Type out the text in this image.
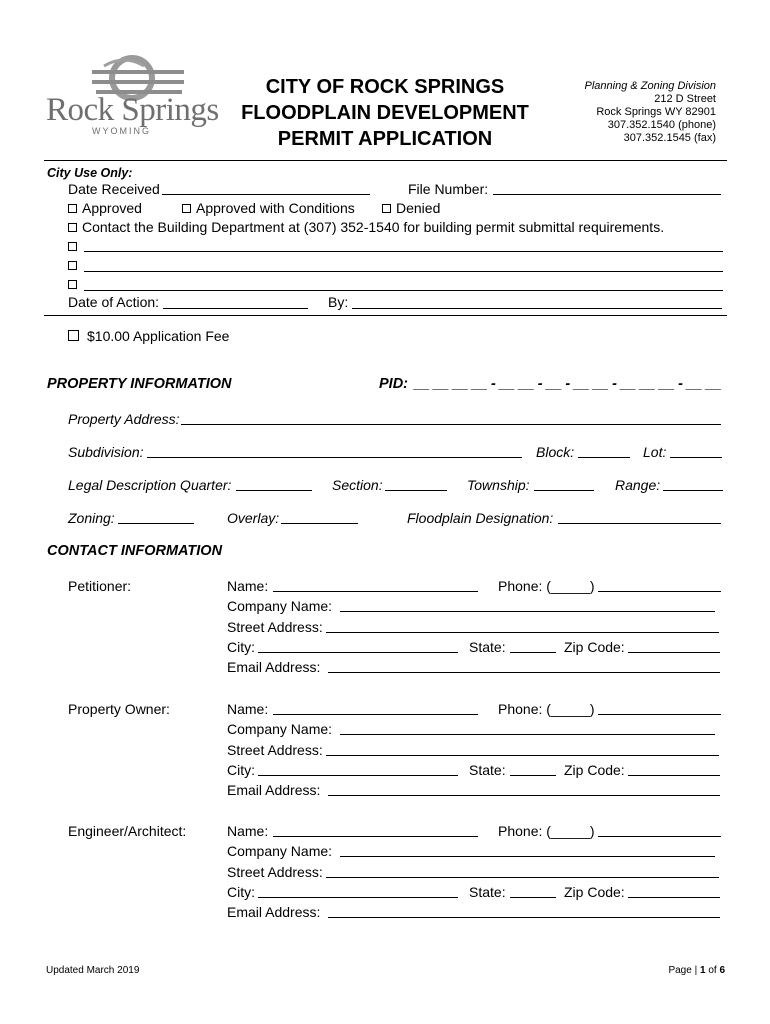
Rock Springs
WYOMING
CITY OF ROCK SPRINGS
FLOODPLAIN DEVELOPMENT
PERMIT APPLICATION
Planning & Zoning Division
212 D Street
Rock Springs WY 82901
307.352.1540 (phone)
307.352.1545 (fax)
City Use Only:
Date Received	File Number:
Approved	Approved with Conditions	Denied
Contact the Building Department at (307) 352-1540 for building permit submittal requirements.
Date of Action:	By:
$10.00 Application Fee
PROPERTY INFORMATION	PID: __ __ __ __ - __ __ - __ - __ __ - __ __ __ - __ __
Property Address:
Subdivision:	Block:	Lot:
Legal Description Quarter:	Section:	Township:	Range:
Zoning:	Overlay:	Floodplain Designation:
CONTACT INFORMATION
Petitioner:	Name:	Phone: (_____)
Company Name:
Street Address:
City:	State:	Zip Code:
Email Address:
Property Owner:	Name:	Phone: (_____)
Company Name:
Street Address:
City:	State:	Zip Code:
Email Address:
Engineer/Architect:	Name:	Phone: (_____)
Company Name:
Street Address:
City:	State:	Zip Code:
Email Address:
Updated March 2019	Page | 1 of 6
